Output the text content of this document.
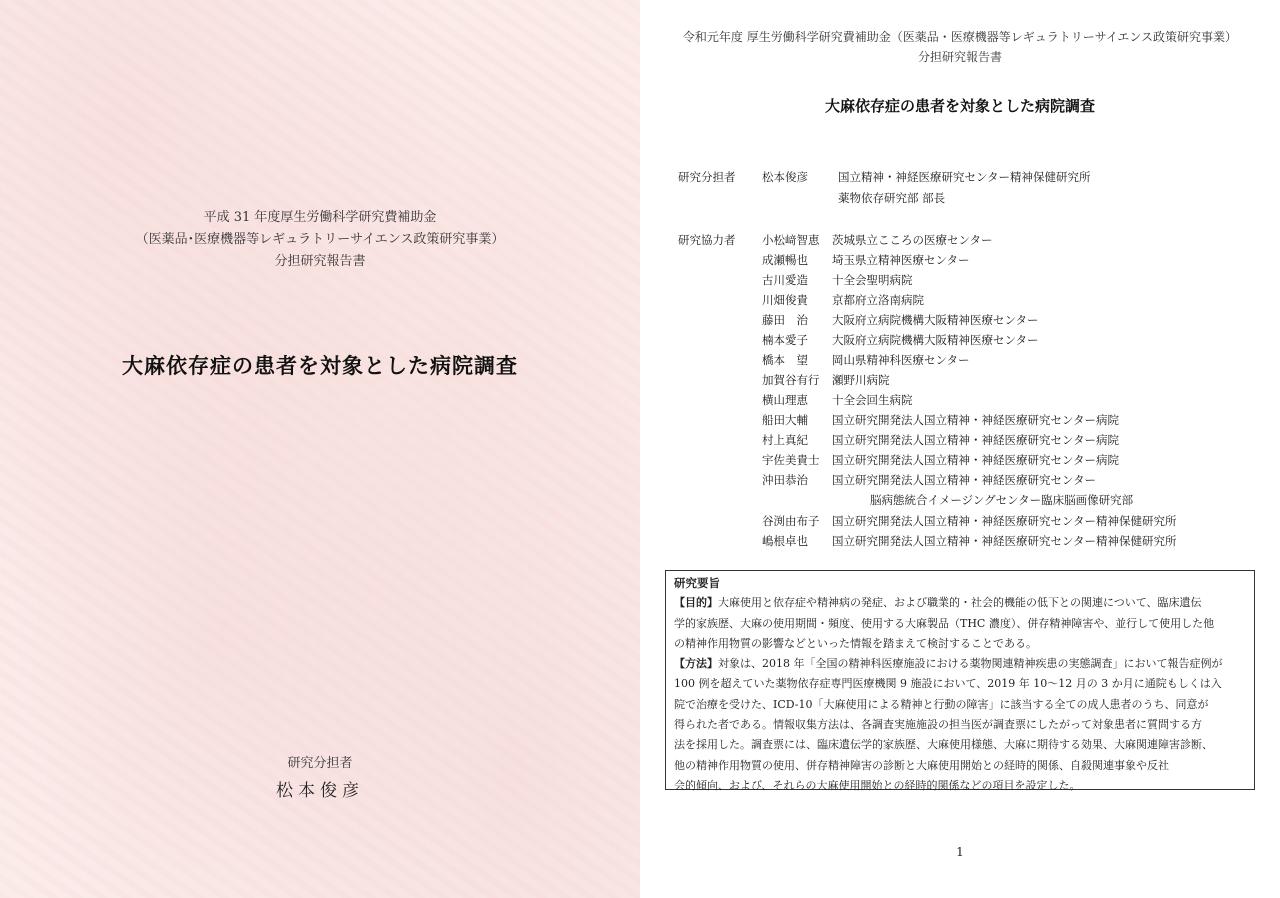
平成 31 年度厚生労働科学研究費補助金
（医薬品･医療機器等レギュラトリーサイエンス政策研究事業）
分担研究報告書
大麻依存症の患者を対象とした病院調査
研究分担者
松本俊彦
令和元年度 厚生労働科学研究費補助金（医薬品・医療機器等レギュラトリーサイエンス政策研究事業）
分担研究報告書
大麻依存症の患者を対象とした病院調査
研究分担者 松本俊彦	国立精神・神経医療研究センター精神保健研究所
薬物依存研究部 部長
研究協力者 小松﨑智恵 茨城県立こころの医療センター
成瀬暢也 埼玉県立精神医療センター
古川愛造 十全会聖明病院
川畑俊貴 京都府立洛南病院
藤田　治 大阪府立病院機構大阪精神医療センター
楠本愛子 大阪府立病院機構大阪精神医療センター
橋本　望 岡山県精神科医療センター
加賀谷有行 瀬野川病院
横山理恵 十全会回生病院
船田大輔 国立研究開発法人国立精神・神経医療研究センター病院
村上真紀 国立研究開発法人国立精神・神経医療研究センター病院
宇佐美貴士 国立研究開発法人国立精神・神経医療研究センター病院
沖田恭治 国立研究開発法人国立精神・神経医療研究センター
脳病態統合イメージングセンター臨床脳画像研究部
谷渕由布子 国立研究開発法人国立精神・神経医療研究センター精神保健研究所
嶋根卓也 国立研究開発法人国立精神・神経医療研究センター精神保健研究所
研究要旨
【目的】大麻使用と依存症や精神病の発症、および職業的・社会的機能の低下との関連について、臨床遺伝
学的家族歴、大麻の使用期間・頻度、使用する大麻製品（THC 濃度）、併存精神障害や、並行して使用した他
の精神作用物質の影響などといった情報を踏まえて検討することである。
【方法】対象は、2018 年「全国の精神科医療施設における薬物関連精神疾患の実態調査」において報告症例が
100 例を超えていた薬物依存症専門医療機関 9 施設において、2019 年 10～12 月の 3 か月に通院もしくは入
院で治療を受けた、ICD-10「大麻使用による精神と行動の障害」に該当する全ての成人患者のうち、同意が
得られた者である。情報収集方法は、各調査実施施設の担当医が調査票にしたがって対象患者に質問する方
法を採用した。調査票には、臨床遺伝学的家族歴、大麻使用様態、大麻に期待する効果、大麻関連障害診断、
他の精神作用物質の使用、併存精神障害の診断と大麻使用開始との経時的関係、自殺関連事象や反社
会的傾向、および、それらの大麻使用開始との経時的関係などの項目を設定した。
1
